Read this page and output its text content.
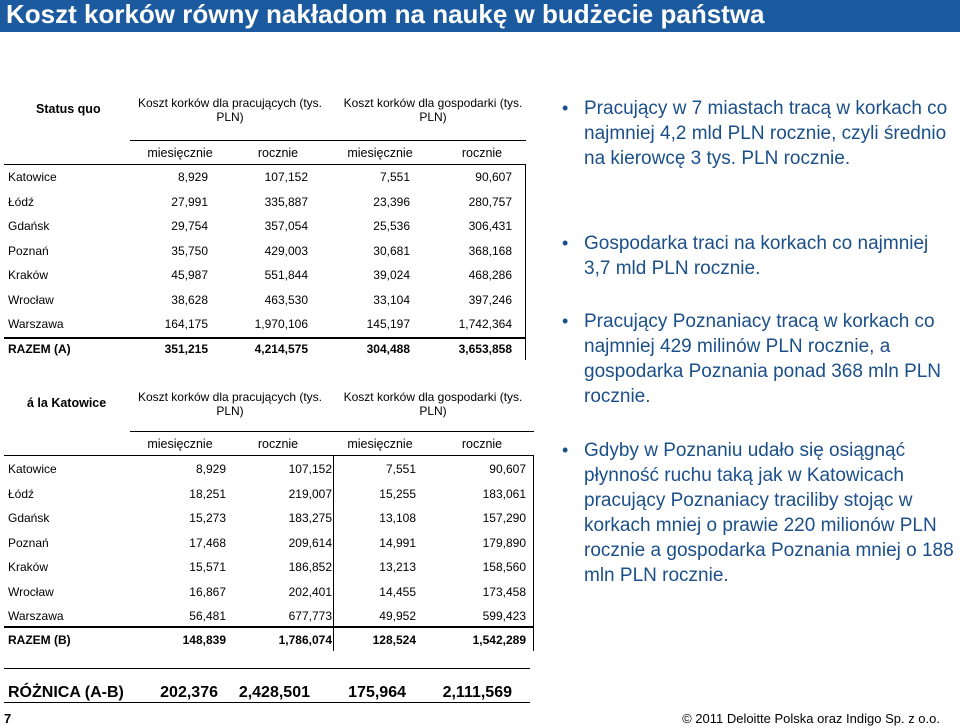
Koszt korków równy nakładom na naukę w budżecie państwa
Status quo	Koszt korków dla pracujących (tys. PLN)
Koszt korków dla gospodarki (tys. PLN)
miesięcznie	rocznie	miesięcznie	rocznie
Katowice	8,929	107,152	7,551	90,607
Łódź	27,991	335,887	23,396	280,757
Gdańsk	29,754	357,054	25,536	306,431
Poznań	35,750	429,003	30,681	368,168
Kraków	45,987	551,844	39,024	468,286
Wrocław	38,628	463,530	33,104	397,246
Warszawa	164,175	1,970,106	145,197	1,742,364
RAZEM (A)	351,215	4,214,575	304,488	3,653,858
á la Katowice	Koszt korków dla pracujących (tys. PLN)
Koszt korków dla gospodarki (tys. PLN)
miesięcznie	rocznie	miesięcznie	rocznie
Katowice	8,929	107,152	7,551	90,607
Łódź	18,251	219,007	15,255	183,061
Gdańsk	15,273	183,275	13,108	157,290
Poznań	17,468	209,614	14,991	179,890
Kraków	15,571	186,852	13,213	158,560
Wrocław	16,867	202,401	14,455	173,458
Warszawa	56,481	677,773	49,952	599,423
RAZEM (B)	148,839	1,786,074	128,524	1,542,289
RÓŻNICA (A-B)	202,376	2,428,501	175,964	2,111,569
• Pracujący w 7 miastach tracą w korkach co najmniej 4,2 mld PLN rocznie, czyli średnio na kierowcę 3 tys. PLN rocznie.
• Gospodarka traci na korkach co najmniej 3,7 mld PLN rocznie.
• Pracujący Poznaniacy tracą w korkach co najmniej 429 milinów PLN rocznie, a gospodarka Poznania ponad 368 mln PLN rocznie.
• Gdyby w Poznaniu udało się osiągnąć płynność ruchu taką jak w Katowicach pracujący Poznaniacy traciliby stojąc w korkach mniej o prawie 220 milionów PLN rocznie a gospodarka Poznania mniej o 188 mln PLN rocznie.
7	© 2011 Deloitte Polska oraz Indigo Sp. z o.o.
